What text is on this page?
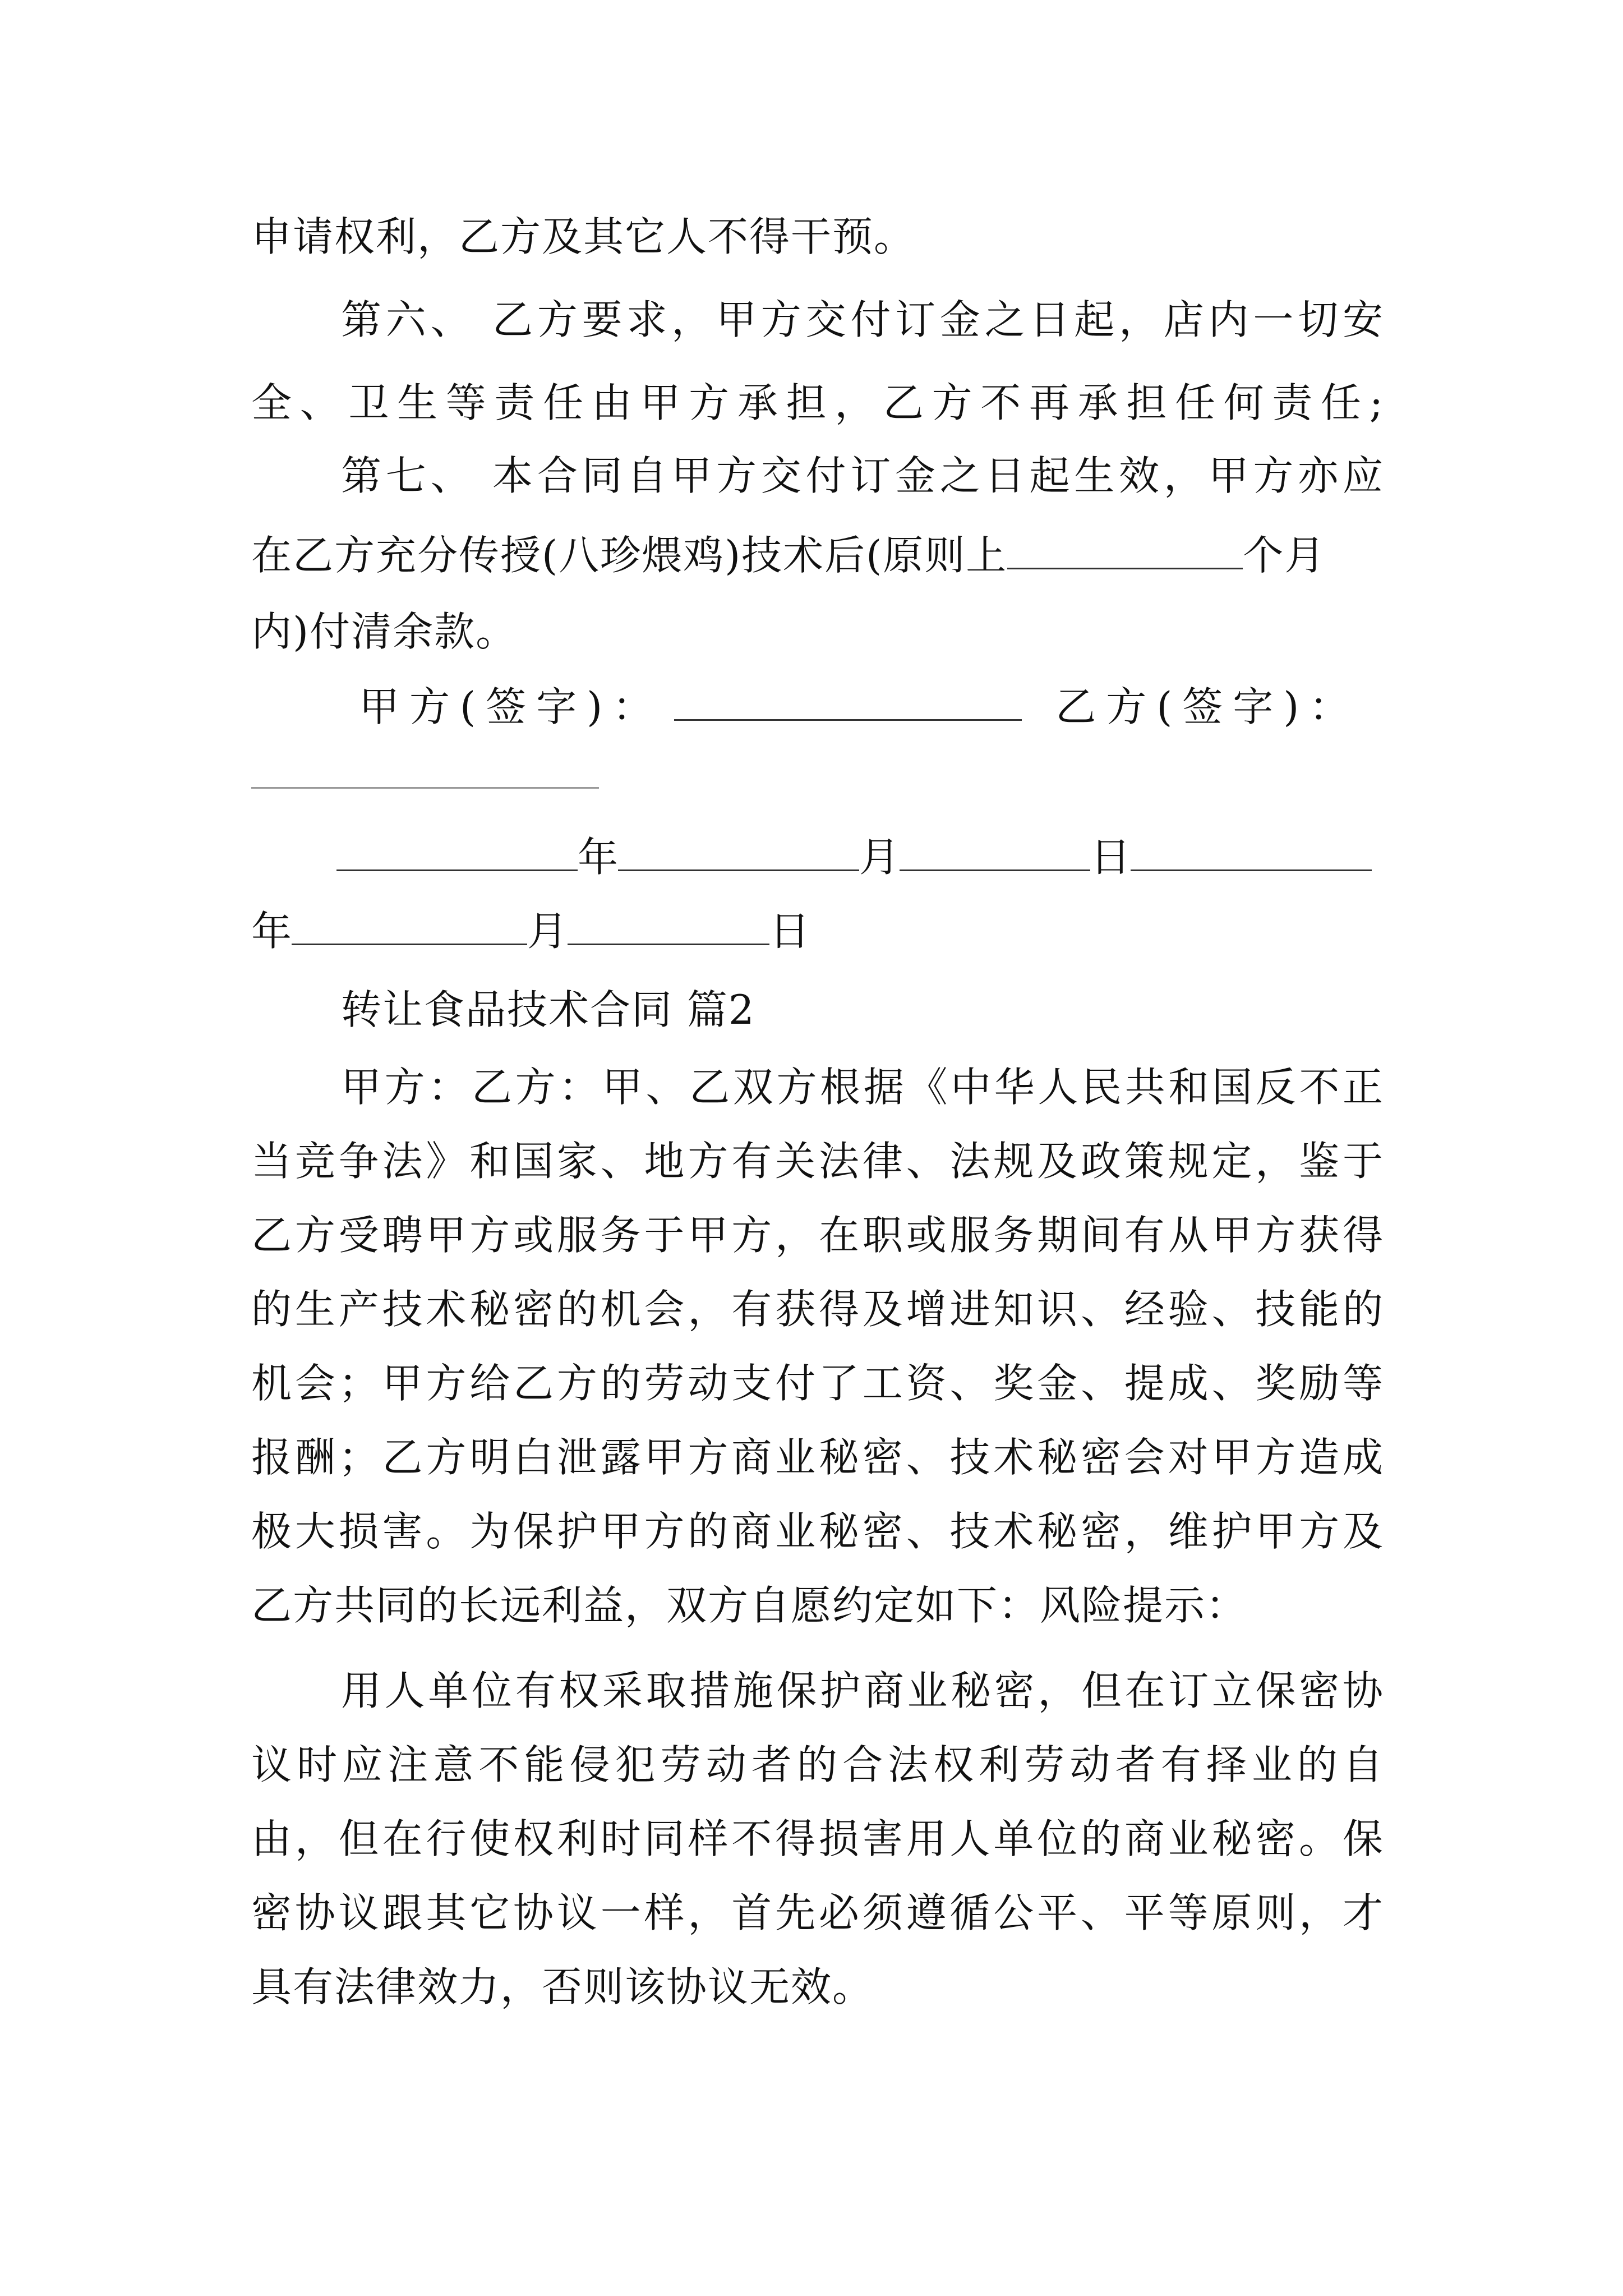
申请权利，乙方及其它人不得干预。
第六、 乙方要求，甲方交付订金之日起，店内一切安
全、卫生等责任由甲方承担，乙方不再承担任何责任;
第七、 本合同自甲方交付订金之日起生效，甲方亦应
在乙方充分传授(八珍煨鸡)技术后(原则上	个月
内)付清余款。
甲方(签字)：	乙方(签字)：
年	月	日
年	月	日
转让食品技术合同 篇2
甲方：乙方：甲、乙双方根据《中华人民共和国反不正
当竞争法》和国家、地方有关法律、法规及政策规定，鉴于
乙方受聘甲方或服务于甲方，在职或服务期间有从甲方获得
的生产技术秘密的机会，有获得及增进知识、经验、技能的
机会；甲方给乙方的劳动支付了工资、奖金、提成、奖励等
报酬；乙方明白泄露甲方商业秘密、技术秘密会对甲方造成
极大损害。为保护甲方的商业秘密、技术秘密，维护甲方及
乙方共同的长远利益，双方自愿约定如下：风险提示：
用人单位有权采取措施保护商业秘密，但在订立保密协
议时应注意不能侵犯劳动者的合法权利劳动者有择业的自
由，但在行使权利时同样不得损害用人单位的商业秘密。保
密协议跟其它协议一样，首先必须遵循公平、平等原则，才
具有法律效力，否则该协议无效。
